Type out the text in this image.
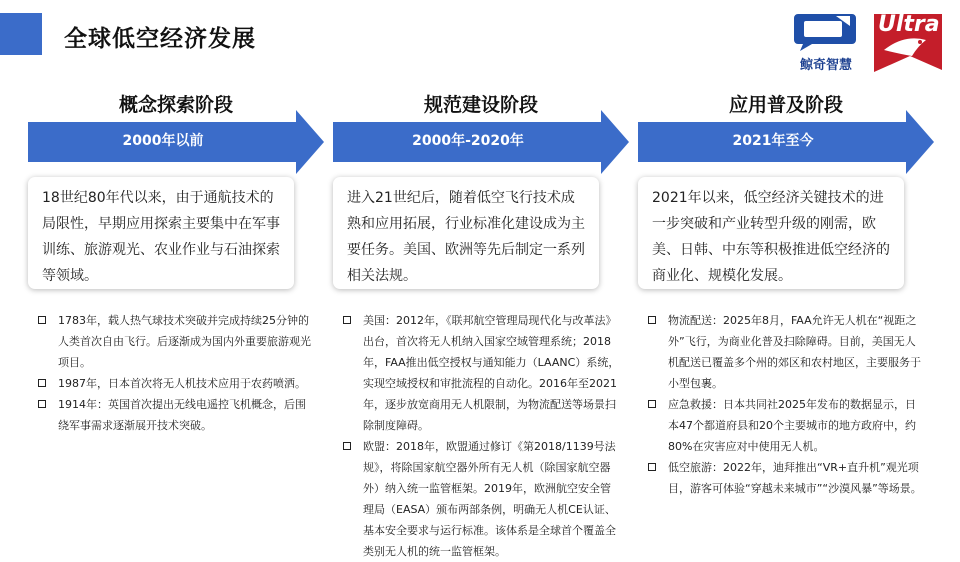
全球低空经济发展
鲸奇智慧
Ultra
概念探索阶段
2000年以前
18世纪80年代以来，由于通航技术的局限性，早期应用探索主要集中在军事训练、旅游观光、农业作业与石油探索等领域。
1783年，载人热气球技术突破并完成持续25分钟的人类首次自由飞行。后逐渐成为国内外重要旅游观光项目。
1987年，日本首次将无人机技术应用于农药喷洒。
1914年：英国首次提出无线电遥控飞机概念，后围绕军事需求逐渐展开技术突破。
规范建设阶段
2000年-2020年
进入21世纪后，随着低空飞行技术成熟和应用拓展，行业标准化建设成为主要任务。美国、欧洲等先后制定一系列相关法规。
美国：2012年，《联邦航空管理局现代化与改革法》出台，首次将无人机纳入国家空域管理系统；2018年，FAA推出低空授权与通知能力（LAANC）系统，实现空域授权和审批流程的自动化。2016年至2021年，逐步放宽商用无人机限制，为物流配送等场景扫除制度障碍。
欧盟：2018年，欧盟通过修订《第2018/1139号法规》，将除国家航空器外所有无人机（除国家航空器外）纳入统一监管框架。2019年，欧洲航空安全管理局（EASA）颁布两部条例，明确无人机CE认证、基本安全要求与运行标准。该体系是全球首个覆盖全类别无人机的统一监管框架。
应用普及阶段
2021年至今
2021年以来，低空经济关键技术的进一步突破和产业转型升级的刚需，欧美、日韩、中东等积极推进低空经济的商业化、规模化发展。
物流配送：2025年8月，FAA允许无人机在“视距之外”飞行，为商业化普及扫除障碍。目前，美国无人机配送已覆盖多个州的郊区和农村地区，主要服务于小型包裹。
应急救援：日本共同社2025年发布的数据显示，日本47个都道府县和20个主要城市的地方政府中，约80%在灾害应对中使用无人机。
低空旅游：2022年，迪拜推出“VR+直升机”观光项目，游客可体验“穿越未来城市”“沙漠风暴”等场景。
